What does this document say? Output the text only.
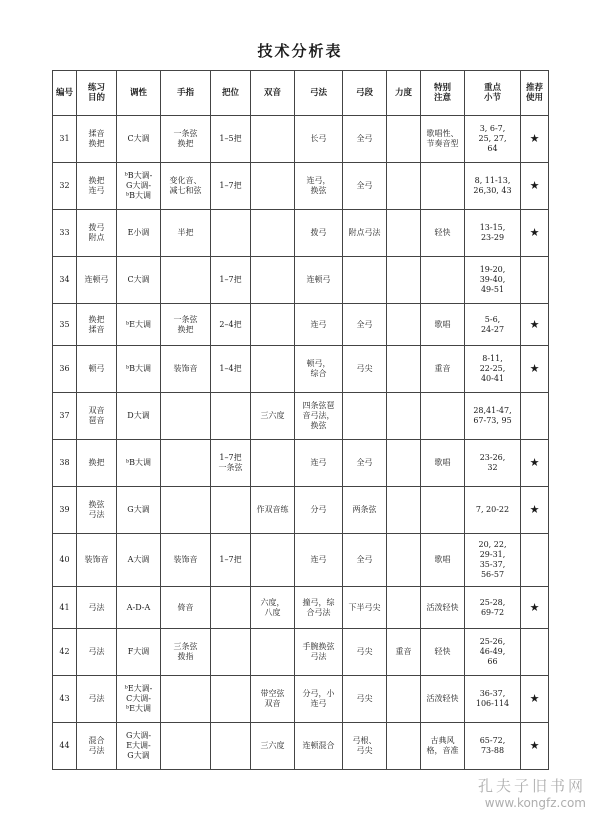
技术分析表
编号	练习
目的	调性	手指	把位	双音	弓法	弓段	力度	特别
注意	重点
小节	推荐
使用
31	揉音
换把	C大调	一条弦
换把	1–5把		长弓	全弓		歌唱性、
节奏音型	3, 6-7,
25, 27,
64	★
32	换把
连弓	ᵇB大调-
G大调-
ᵇB大调	变化音、
减七和弦	1–7把		连弓，
换弦	全弓			8, 11-13,
26,30, 43	★
33	拨弓
附点	E小调	半把			拨弓	附点弓法		轻快	13-15,
23-29	★
34	连顿弓	C大调		1–7把		连顿弓				19-20,
39-40,
49-51	
35	换把
揉音	ᵇE大调	一条弦
换把	2–4把		连弓	全弓		歌唱	5-6,
24-27	★
36	顿弓	ᵇB大调	装饰音	1–4把		顿弓，
综合	弓尖		重音	8-11,
22-25,
40-41	★
37	双音
琶音	D大调			三六度	四条弦琶
音弓法，
换弦				28,41-47,
67-73, 95	
38	换把	ᵇB大调		1–7把
一条弦		连弓	全弓		歌唱	23-26,
32	★
39	换弦
弓法	G大调			作双音练	分弓	两条弦			7, 20-22	★
40	装饰音	A大调	装饰音	1–7把		连弓	全弓		歌唱	20, 22,
29-31,
35-37,
56-57	
41	弓法	A-D-A	倚音		六度，
八度	撞弓，综
合弓法	下半弓尖		活泼轻快	25-28,
69-72	★
42	弓法	F大调	三条弦
拨指			手腕换弦
弓法	弓尖	重音	轻快	25-26,
46-49,
66	
43	弓法	ᵇE大调-
C大调-
ᵇE大调			带空弦
双音	分弓，小
连弓	弓尖		活泼轻快	36-37,
106-114	★
44	混合
弓法	G大调-
E大调-
G大调			三六度	连顿混合	弓根、
弓尖		古典风
格，音准	65-72,
73-88	★
孔夫子旧书网
www.kongfz.com
